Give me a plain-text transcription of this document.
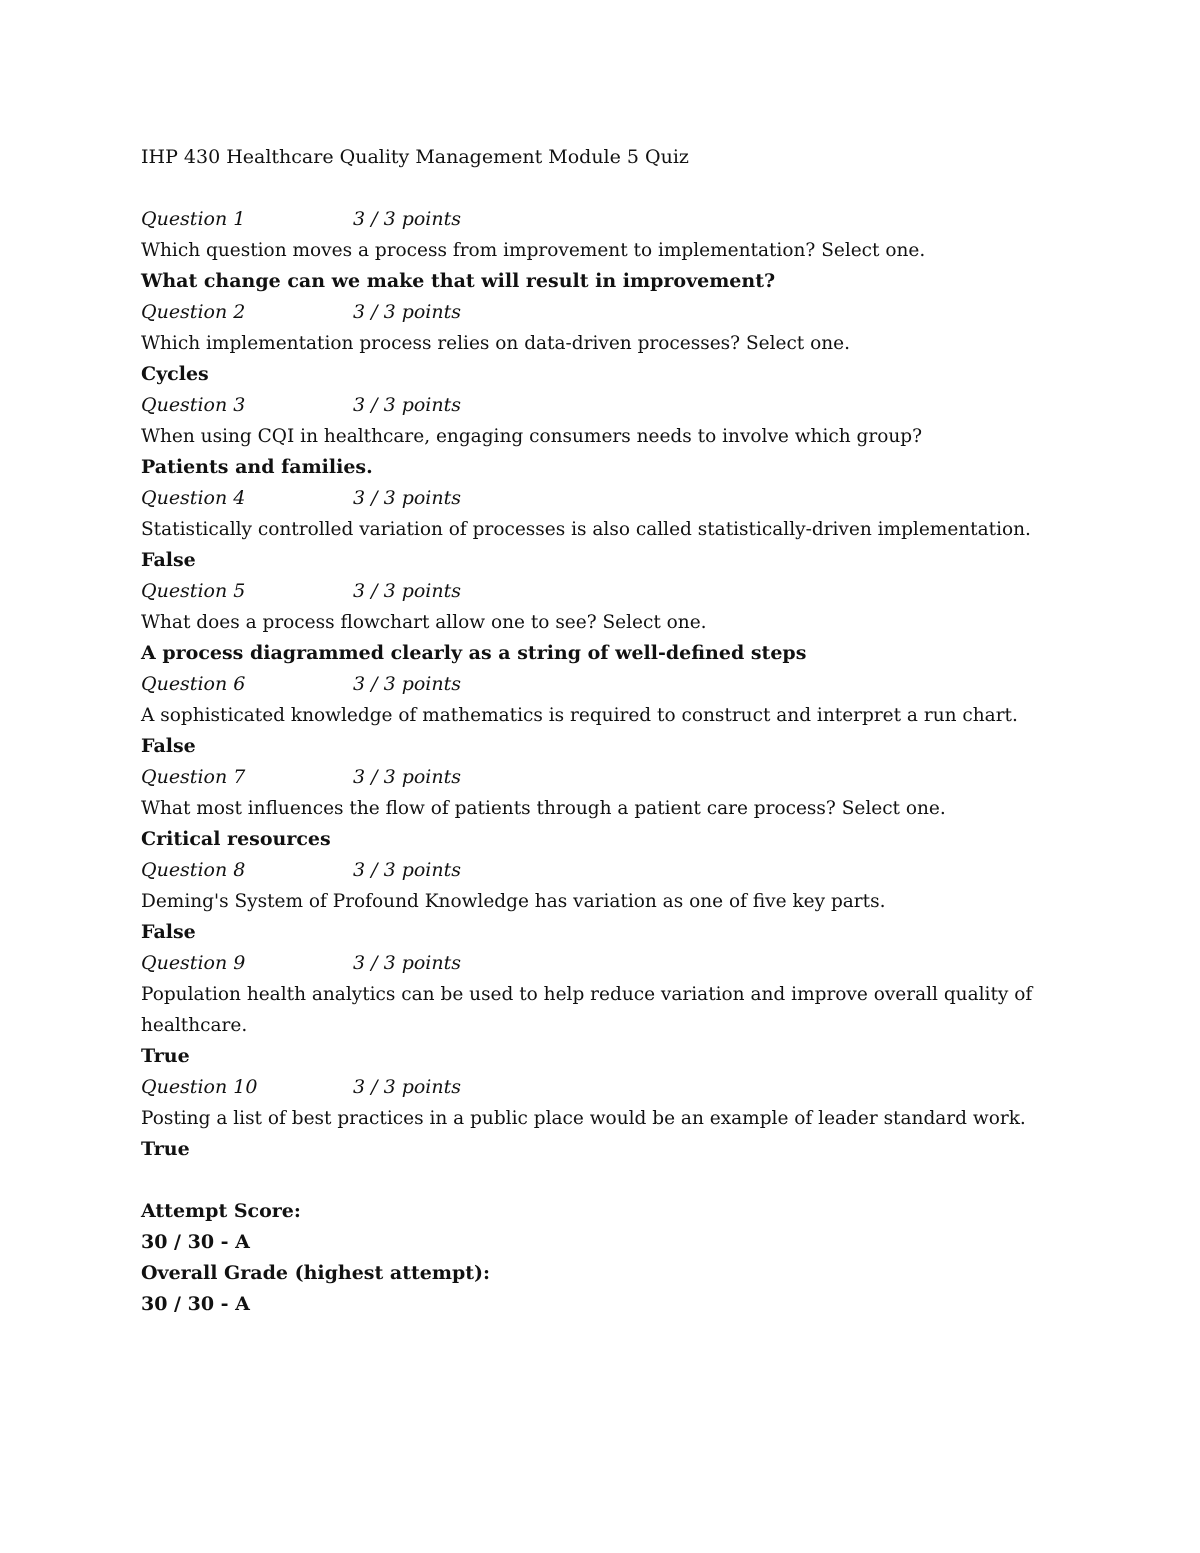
IHP 430 Healthcare Quality Management Module 5 Quiz
Question 1	3 / 3 points
Which question moves a process from improvement to implementation? Select one.
What change can we make that will result in improvement?
Question 2	3 / 3 points
Which implementation process relies on data-driven processes? Select one.
Cycles
Question 3	3 / 3 points
When using CQI in healthcare, engaging consumers needs to involve which group?
Patients and families.
Question 4	3 / 3 points
Statistically controlled variation of processes is also called statistically-driven implementation.
False
Question 5	3 / 3 points
What does a process flowchart allow one to see? Select one.
A process diagrammed clearly as a string of well-defined steps
Question 6	3 / 3 points
A sophisticated knowledge of mathematics is required to construct and interpret a run chart.
False
Question 7	3 / 3 points
What most influences the flow of patients through a patient care process? Select one.
Critical resources
Question 8	3 / 3 points
Deming's System of Profound Knowledge has variation as one of five key parts.
False
Question 9	3 / 3 points
Population health analytics can be used to help reduce variation and improve overall quality of healthcare.
True
Question 10	3 / 3 points
Posting a list of best practices in a public place would be an example of leader standard work.
True
Attempt Score:
30 / 30 - A
Overall Grade (highest attempt):
30 / 30 - A
